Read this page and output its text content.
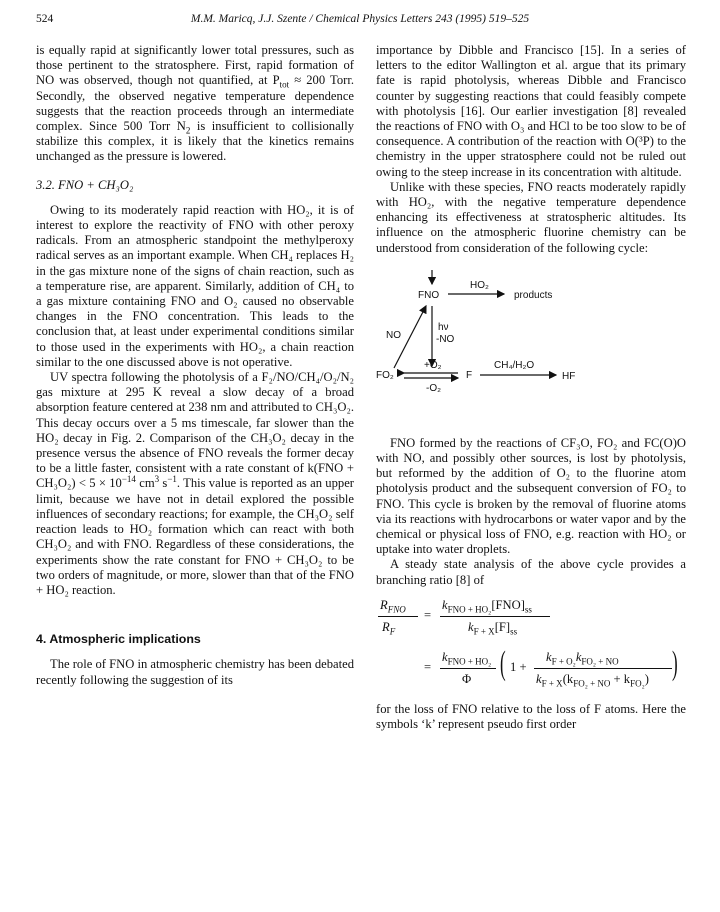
524	M.M. Maricq, J.J. Szente / Chemical Physics Letters 243 (1995) 519–525

is equally rapid at significantly lower total pressures, such as those pertinent to the stratosphere. First, rapid formation of NO was observed, though not quantified, at $P_{tot} \approx 200$ Torr. Secondly, the observed negative temperature dependence suggests that the reaction proceeds through an intermediate complex. Since 500 Torr $N_2$ is insufficient to collisionally stabilize this complex, it is likely that the kinetics remains unchanged as the pressure is lowered.

3.2. FNO + CH₃O₂

Owing to its moderately rapid reaction with HO₂, it is of interest to explore the reactivity of FNO with other peroxy radicals. From an atmospheric standpoint the methylperoxy radical serves as an important example. When CH₄ replaces H₂ in the gas mixture none of the signs of chain reaction, such as a temperature rise, are apparent. Similarly, addition of CH₄ to a gas mixture containing FNO and O₂ caused no observable changes in the FNO concentration. This leads to the conclusion that, at least under experimental conditions similar to those used in the experiments with HO₂, a chain reaction similar to the one discussed above is not operative.

UV spectra following the photolysis of a F₂/NO/CH₄/O₂/N₂ gas mixture at 295 K reveal a slow decay of a broad absorption feature centered at 238 nm and attributed to CH₃O₂. This decay occurs over a 5 ms timescale, far slower than the HO₂ decay in Fig. 2. Comparison of the CH₃O₂ decay in the presence versus the absence of FNO reveals the former decay to be a little faster, consistent with a rate constant of $k(FNO + CH_3O_2) < 5 \times 10^{-14}$ $cm^3$ $s^{-1}$. This value is reported as an upper limit, because we have not in detail explored the possible influences of secondary reactions; for example, the CH₃O₂ self reaction leads to HO₂ formation which can react with both CH₃O₂ and with FNO. Regardless of these considerations, the experiments show the rate constant for FNO + CH₃O₂ to be two orders of magnitude, or more, slower than that of the FNO + HO₂ reaction.

4. Atmospheric implications

The role of FNO in atmospheric chemistry has been debated recently following the suggestion of its

importance by Dibble and Francisco [15]. In a series of letters to the editor Wallington et al. argue that its primary fate is rapid photolysis, whereas Dibble and Francisco counter by suggesting reactions that could feasibly compete with photolysis [16]. Our earlier investigation [8] revealed the reactions of FNO with O₃ and HCl to be too slow to be of consequence. A contribution of the reaction with O(³P) to the chemistry in the upper stratosphere could not be ruled out owing to the steep increase in its concentration with altitude.

Unlike with these species, FNO reacts moderately rapidly with HO₂, with the negative temperature dependence enhancing its effectiveness at stratospheric altitudes. Its influence on the atmospheric fluorine chemistry can be understood from consideration of the following cycle:

FNO
HO₂
products
NO
hν
-NO
FO₂
+O₂
-O₂
F
CH₄/H₂O
HF

FNO formed by the reactions of CF₃O, FO₂ and FC(O)O with NO, and possibly other sources, is lost by photolysis, but reformed by the addition of O₂ to the fluorine atom photolysis product and the subsequent conversion of FO₂ to FNO. This cycle is broken by the removal of fluorine atoms via its reactions with hydrocarbons or water vapor and by the chemical or physical loss of FNO, e.g. reaction with HO₂ or uptake into water droplets.

A steady state analysis of the above cycle provides a branching ratio [8] of

$R_{FNO}$
$R_F$
=
$k_{FNO + HO_2}[FNO]_{ss}$
$k_{F + X}[F]_{ss}$
=
$k_{FNO + HO_2}$
Φ ( 1 +
$k_{F + O_2}k_{FO_2 + NO}$
$k_{F + X}(k_{FO_2 + NO} + k_{FO_2})$ )

for the loss of FNO relative to the loss of F atoms. Here the symbols ‘k’ represent pseudo first order
